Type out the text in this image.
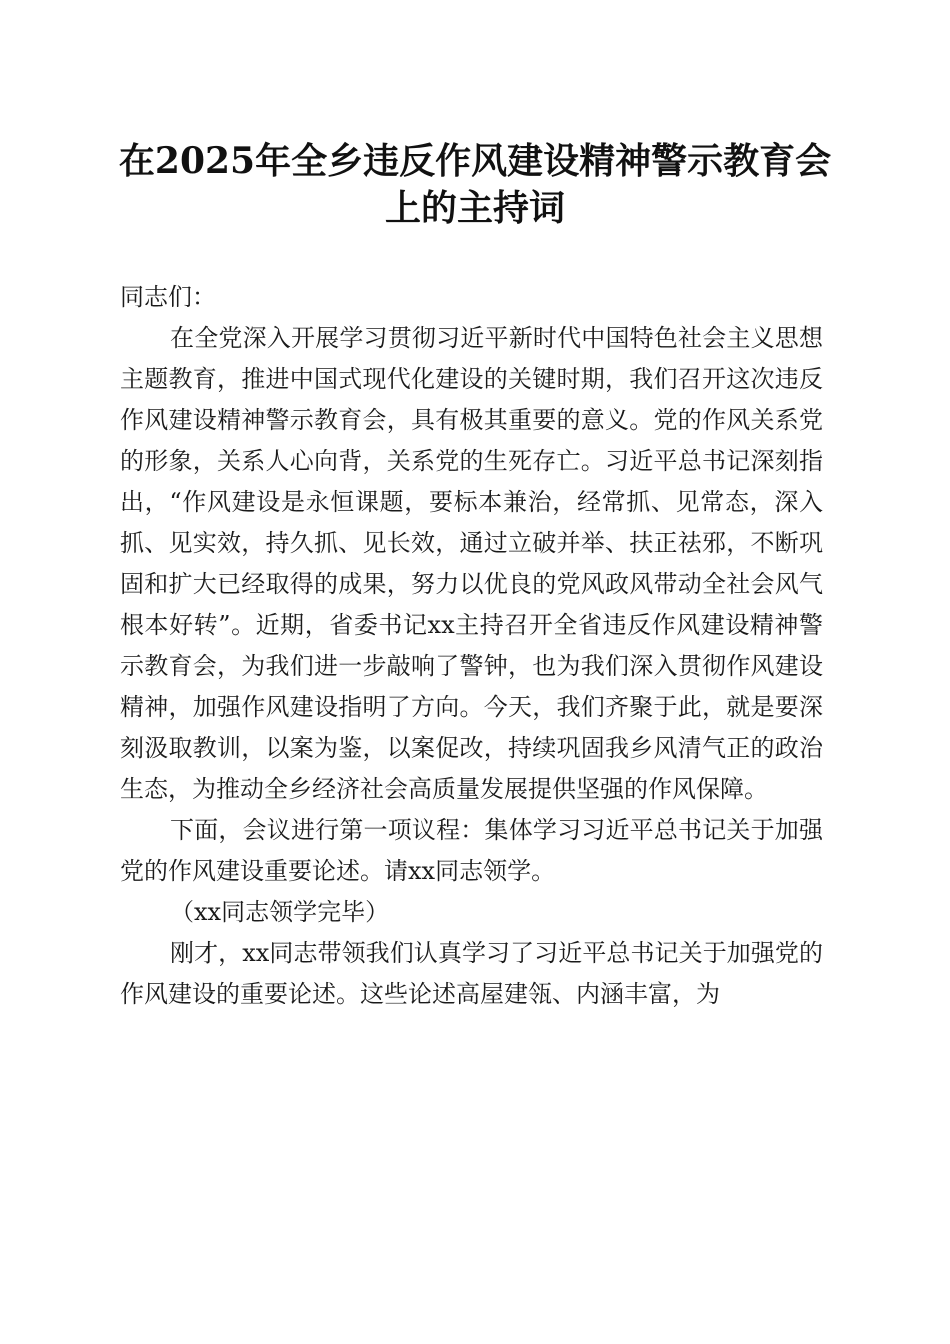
在2025年全乡违反作风建设精神警示教育会
上的主持词

同志们：

在全党深入开展学习贯彻习近平新时代中国特色社会主义思想主题教育，推进中国式现代化建设的关键时期，我们召开这次违反作风建设精神警示教育会，具有极其重要的意义。党的作风关系党的形象，关系人心向背，关系党的生死存亡。习近平总书记深刻指出，“作风建设是永恒课题，要标本兼治，经常抓、见常态，深入抓、见实效，持久抓、见长效，通过立破并举、扶正祛邪，不断巩固和扩大已经取得的成果，努力以优良的党风政风带动全社会风气根本好转”。近期，省委书记xx主持召开全省违反作风建设精神警示教育会，为我们进一步敲响了警钟，也为我们深入贯彻作风建设精神，加强作风建设指明了方向。今天，我们齐聚于此，就是要深刻汲取教训，以案为鉴，以案促改，持续巩固我乡风清气正的政治生态，为推动全乡经济社会高质量发展提供坚强的作风保障。

下面，会议进行第一项议程：集体学习习近平总书记关于加强党的作风建设重要论述。请xx同志领学。

（xx同志领学完毕）

刚才，xx同志带领我们认真学习了习近平总书记关于加强党的作风建设的重要论述。这些论述高屋建瓴、内涵丰富，为
